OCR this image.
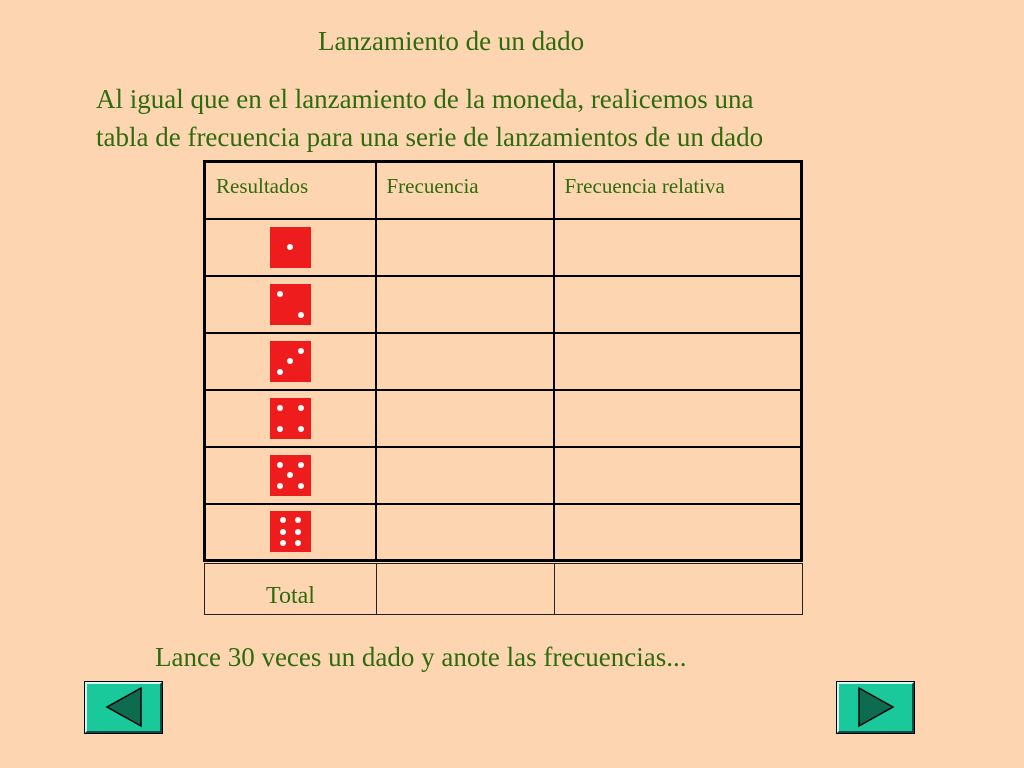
Lanzamiento de un dado
Al igual que en el lanzamiento de la moneda, realicemos una
tabla de frecuencia para una serie de lanzamientos de un dado
Resultados	Frecuencia	Frecuencia relativa

Total		
Lance 30 veces un dado y anote las frecuencias...
